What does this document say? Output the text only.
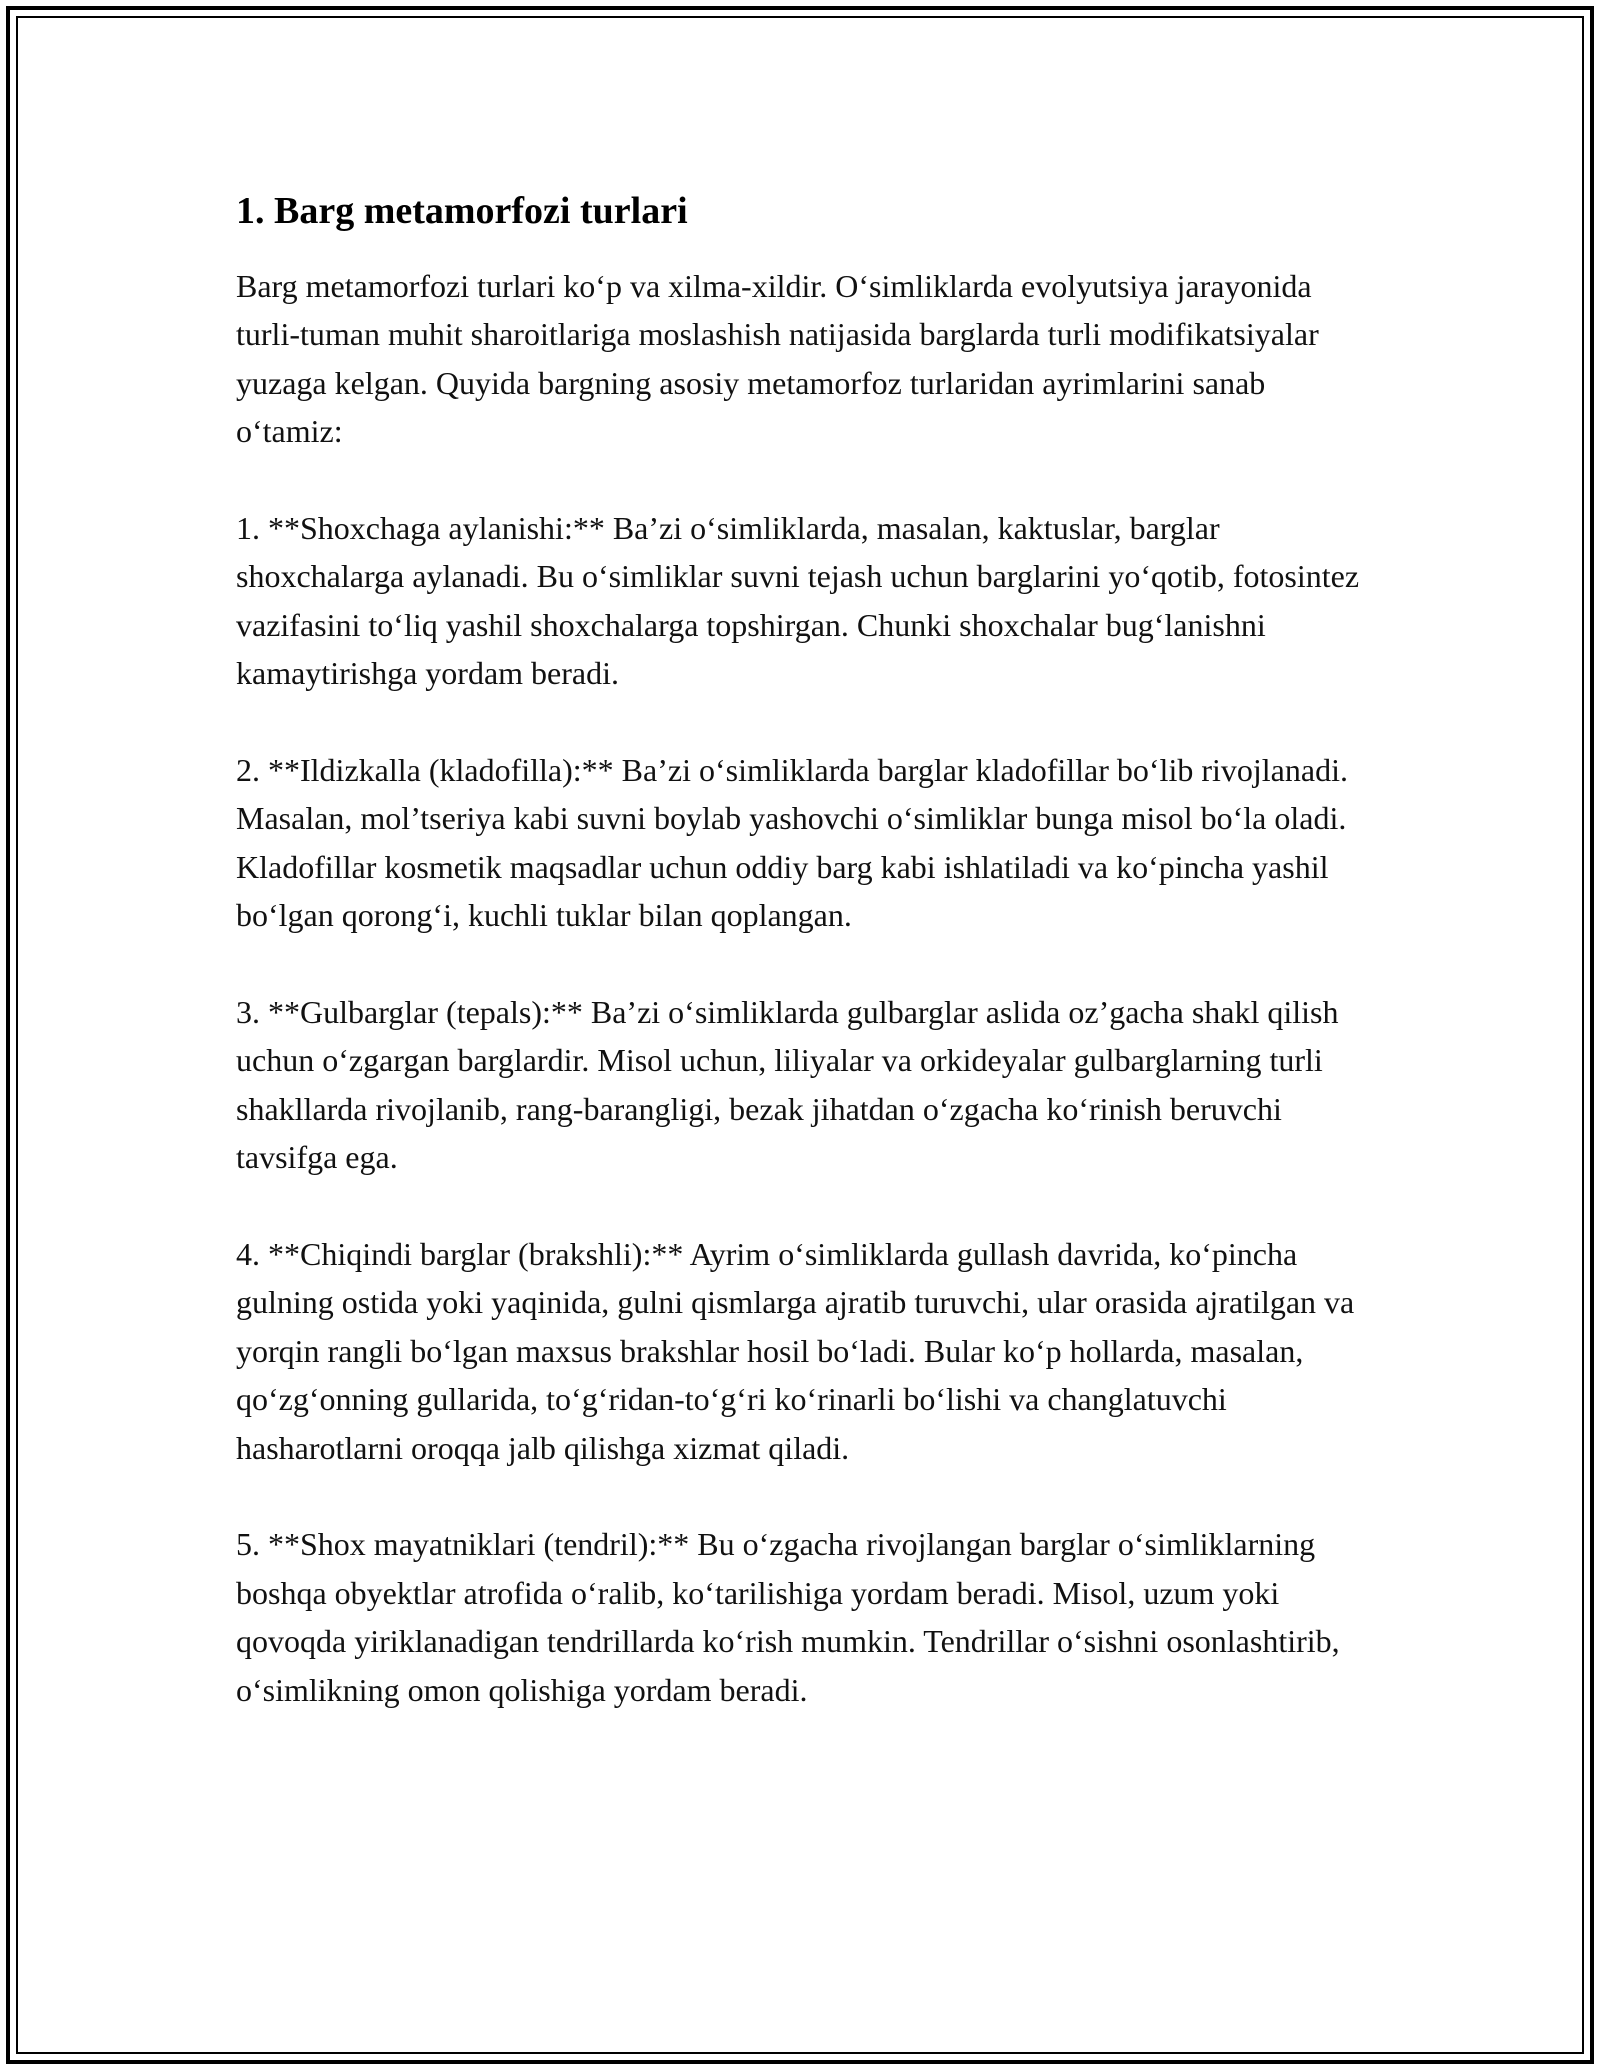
1. Barg metamorfozi turlari

Barg metamorfozi turlari ko‘p va xilma-xildir. O‘simliklarda evolyutsiya jarayonida turli-tuman muhit sharoitlariga moslashish natijasida barglarda turli modifikatsiyalar yuzaga kelgan. Quyida bargning asosiy metamorfoz turlaridan ayrimlarini sanab o‘tamiz:

1. **Shoxchaga aylanishi:** Ba’zi o‘simliklarda, masalan, kaktuslar, barglar shoxchalarga aylanadi. Bu o‘simliklar suvni tejash uchun barglarini yo‘qotib, fotosintez vazifasini to‘liq yashil shoxchalarga topshirgan. Chunki shoxchalar bug‘lanishni kamaytirishga yordam beradi.

2. **Ildizkalla (kladofilla):** Ba’zi o‘simliklarda barglar kladofillar bo‘lib rivojlanadi. Masalan, mol’tseriya kabi suvni boylab yashovchi o‘simliklar bunga misol bo‘la oladi. Kladofillar kosmetik maqsadlar uchun oddiy barg kabi ishlatiladi va ko‘pincha yashil bo‘lgan qorong‘i, kuchli tuklar bilan qoplangan.

3. **Gulbarglar (tepals):** Ba’zi o‘simliklarda gulbarglar aslida oz’gacha shakl qilish uchun o‘zgargan barglardir. Misol uchun, liliyalar va orkideyalar gulbarglarning turli shakllarda rivojlanib, rang-barangligi, bezak jihatdan o‘zgacha ko‘rinish beruvchi tavsifga ega.

4. **Chiqindi barglar (brakshli):** Ayrim o‘simliklarda gullash davrida, ko‘pincha gulning ostida yoki yaqinida, gulni qismlarga ajratib turuvchi, ular orasida ajratilgan va yorqin rangli bo‘lgan maxsus brakshlar hosil bo‘ladi. Bular ko‘p hollarda, masalan, qo‘zg‘onning gullarida, to‘g‘ridan-to‘g‘ri ko‘rinarli bo‘lishi va changlatuvchi hasharotlarni oroqqa jalb qilishga xizmat qiladi.

5. **Shox mayatniklari (tendril):** Bu o‘zgacha rivojlangan barglar o‘simliklarning boshqa obyektlar atrofida o‘ralib, ko‘tarilishiga yordam beradi. Misol, uzum yoki qovoqda yiriklanadigan tendrillarda ko‘rish mumkin. Tendrillar o‘sishni osonlashtirib, o‘simlikning omon qolishiga yordam beradi.
